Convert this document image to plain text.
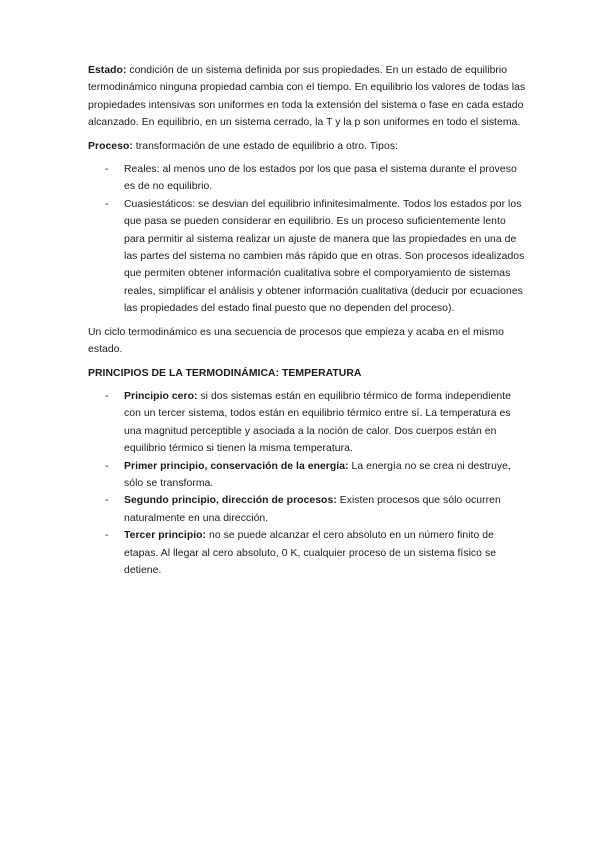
Estado: condición de un sistema definida por sus propiedades. En un estado de equilibrio termodinámico ninguna propiedad cambia con el tiempo. En equilibrio los valores de todas las propiedades intensivas son uniformes en toda la extensión del sistema o fase en cada estado alcanzado. En equilibrio, en un sistema cerrado, la T y la p son uniformes en todo el sistema.

Proceso: transformación de une estado de equilibrio a otro. Tipos:

- Reales: al menos uno de los estados por los que pasa el sistema durante el proveso es de no equilibrio.
- Cuasiestáticos: se desvian del equilibrio infinitesimalmente. Todos los estados por los que pasa se pueden considerar en equilibrio. Es un proceso suficientemente lento para permitir al sistema realizar un ajuste de manera que las propiedades en una de las partes del sistema no cambien más rápido que en otras. Son procesos idealizados que permiten obtener información cualitativa sobre el comporyamiento de sistemas reales, simplificar el análisis y obtener información cualitativa (deducir por ecuaciones las propiedades del estado final puesto que no dependen del proceso).

Un ciclo termodinámico es una secuencia de procesos que empieza y acaba en el mismo estado.

PRINCIPIOS DE LA TERMODINÁMICA: TEMPERATURA
- Principio cero: si dos sistemas están en equilibrio térmico de forma independiente con un tercer sistema, todos están en equilibrio térmico entre sí. La temperatura es una magnitud perceptible y asociada a la noción de calor. Dos cuerpos están en equilibrio térmico si tienen la misma temperatura.
- Primer principio, conservación de la energía: La energía no se crea ni destruye, sólo se transforma.
- Segundo principio, dirección de procesos: Existen procesos que sólo ocurren naturalmente en una dirección.
- Tercer principio: no se puede alcanzar el cero absoluto en un número finito de etapas. Al llegar al cero absoluto, 0 K, cualquier proceso de un sistema físico se detiene.
